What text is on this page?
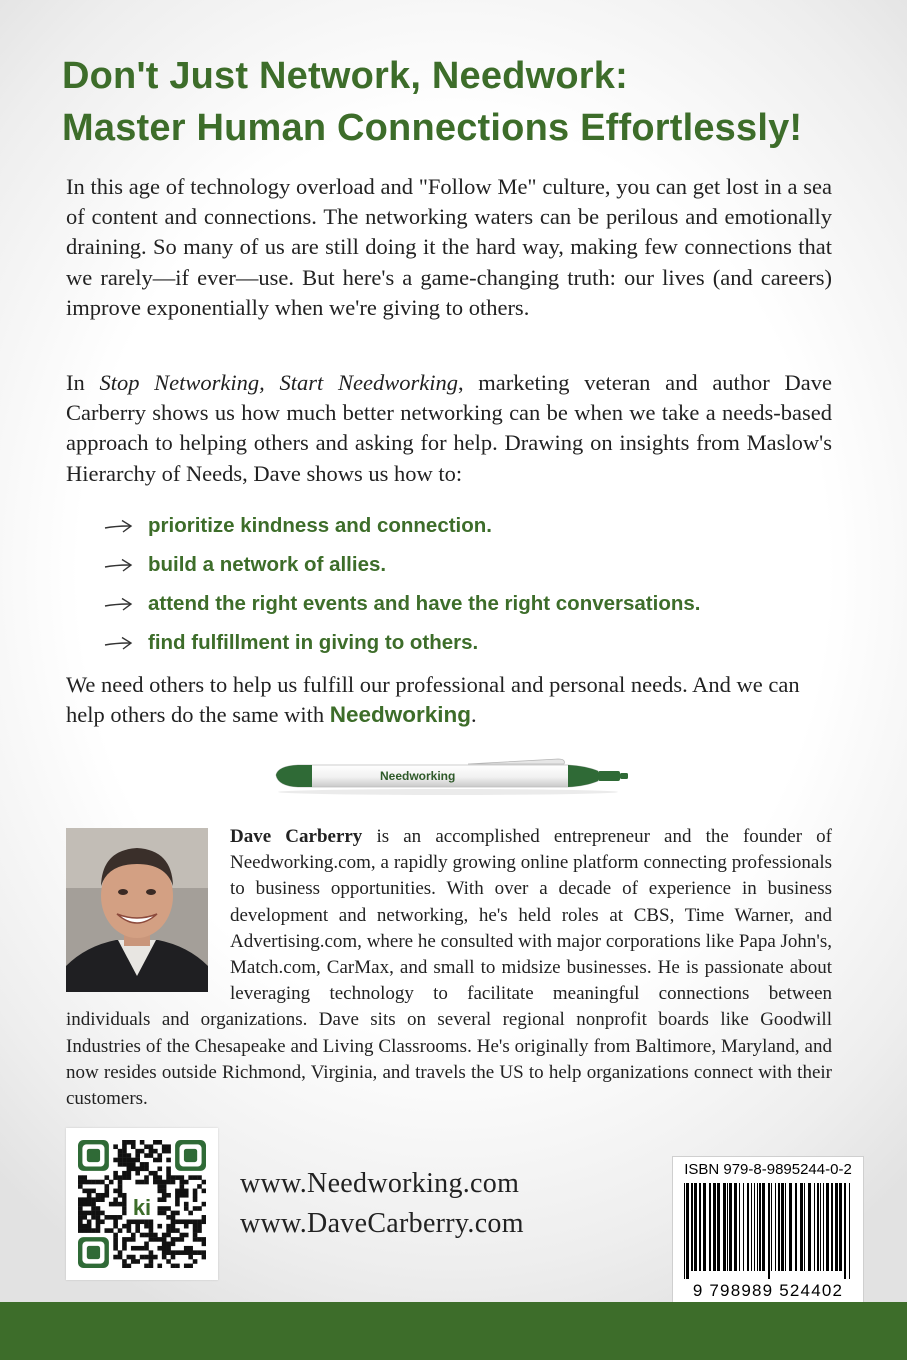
Don't Just Network, Needwork:
Master Human Connections Effortlessly!

In this age of technology overload and "Follow Me" culture, you can get lost in a sea of content and connections. The networking waters can be perilous and emotionally draining. So many of us are still doing it the hard way, making few connections that we rarely—if ever—use. But here's a game-changing truth: our lives (and careers) improve exponentially when we're giving to others.

In Stop Networking, Start Needworking, marketing veteran and author Dave Carberry shows us how much better networking can be when we take a needs-based approach to helping others and asking for help. Drawing on insights from Maslow's Hierarchy of Needs, Dave shows us how to:

prioritize kindness and connection.
build a network of allies.
attend the right events and have the right conversations.
find fulfillment in giving to others.

We need others to help us fulfill our professional and personal needs. And we can help others do the same with Needworking.

Needworking

Dave Carberry is an accomplished entrepreneur and the founder of Needworking.com, a rapidly growing online platform connecting professionals to business opportunities. With over a decade of experience in business development and networking, he's held roles at CBS, Time Warner, and Advertising.com, where he consulted with major corporations like Papa John's, Match.com, CarMax, and small to midsize businesses. He is passionate about leveraging technology to facilitate meaningful connections between individuals and organizations. Dave sits on several regional nonprofit boards like Goodwill Industries of the Chesapeake and Living Classrooms. He's originally from Baltimore, Maryland, and now resides outside Richmond, Virginia, and travels the US to help organizations connect with their customers.

ki
www.Needworking.com
www.DaveCarberry.com
ISBN 979-8-9895244-0-2
9 798989 524402
